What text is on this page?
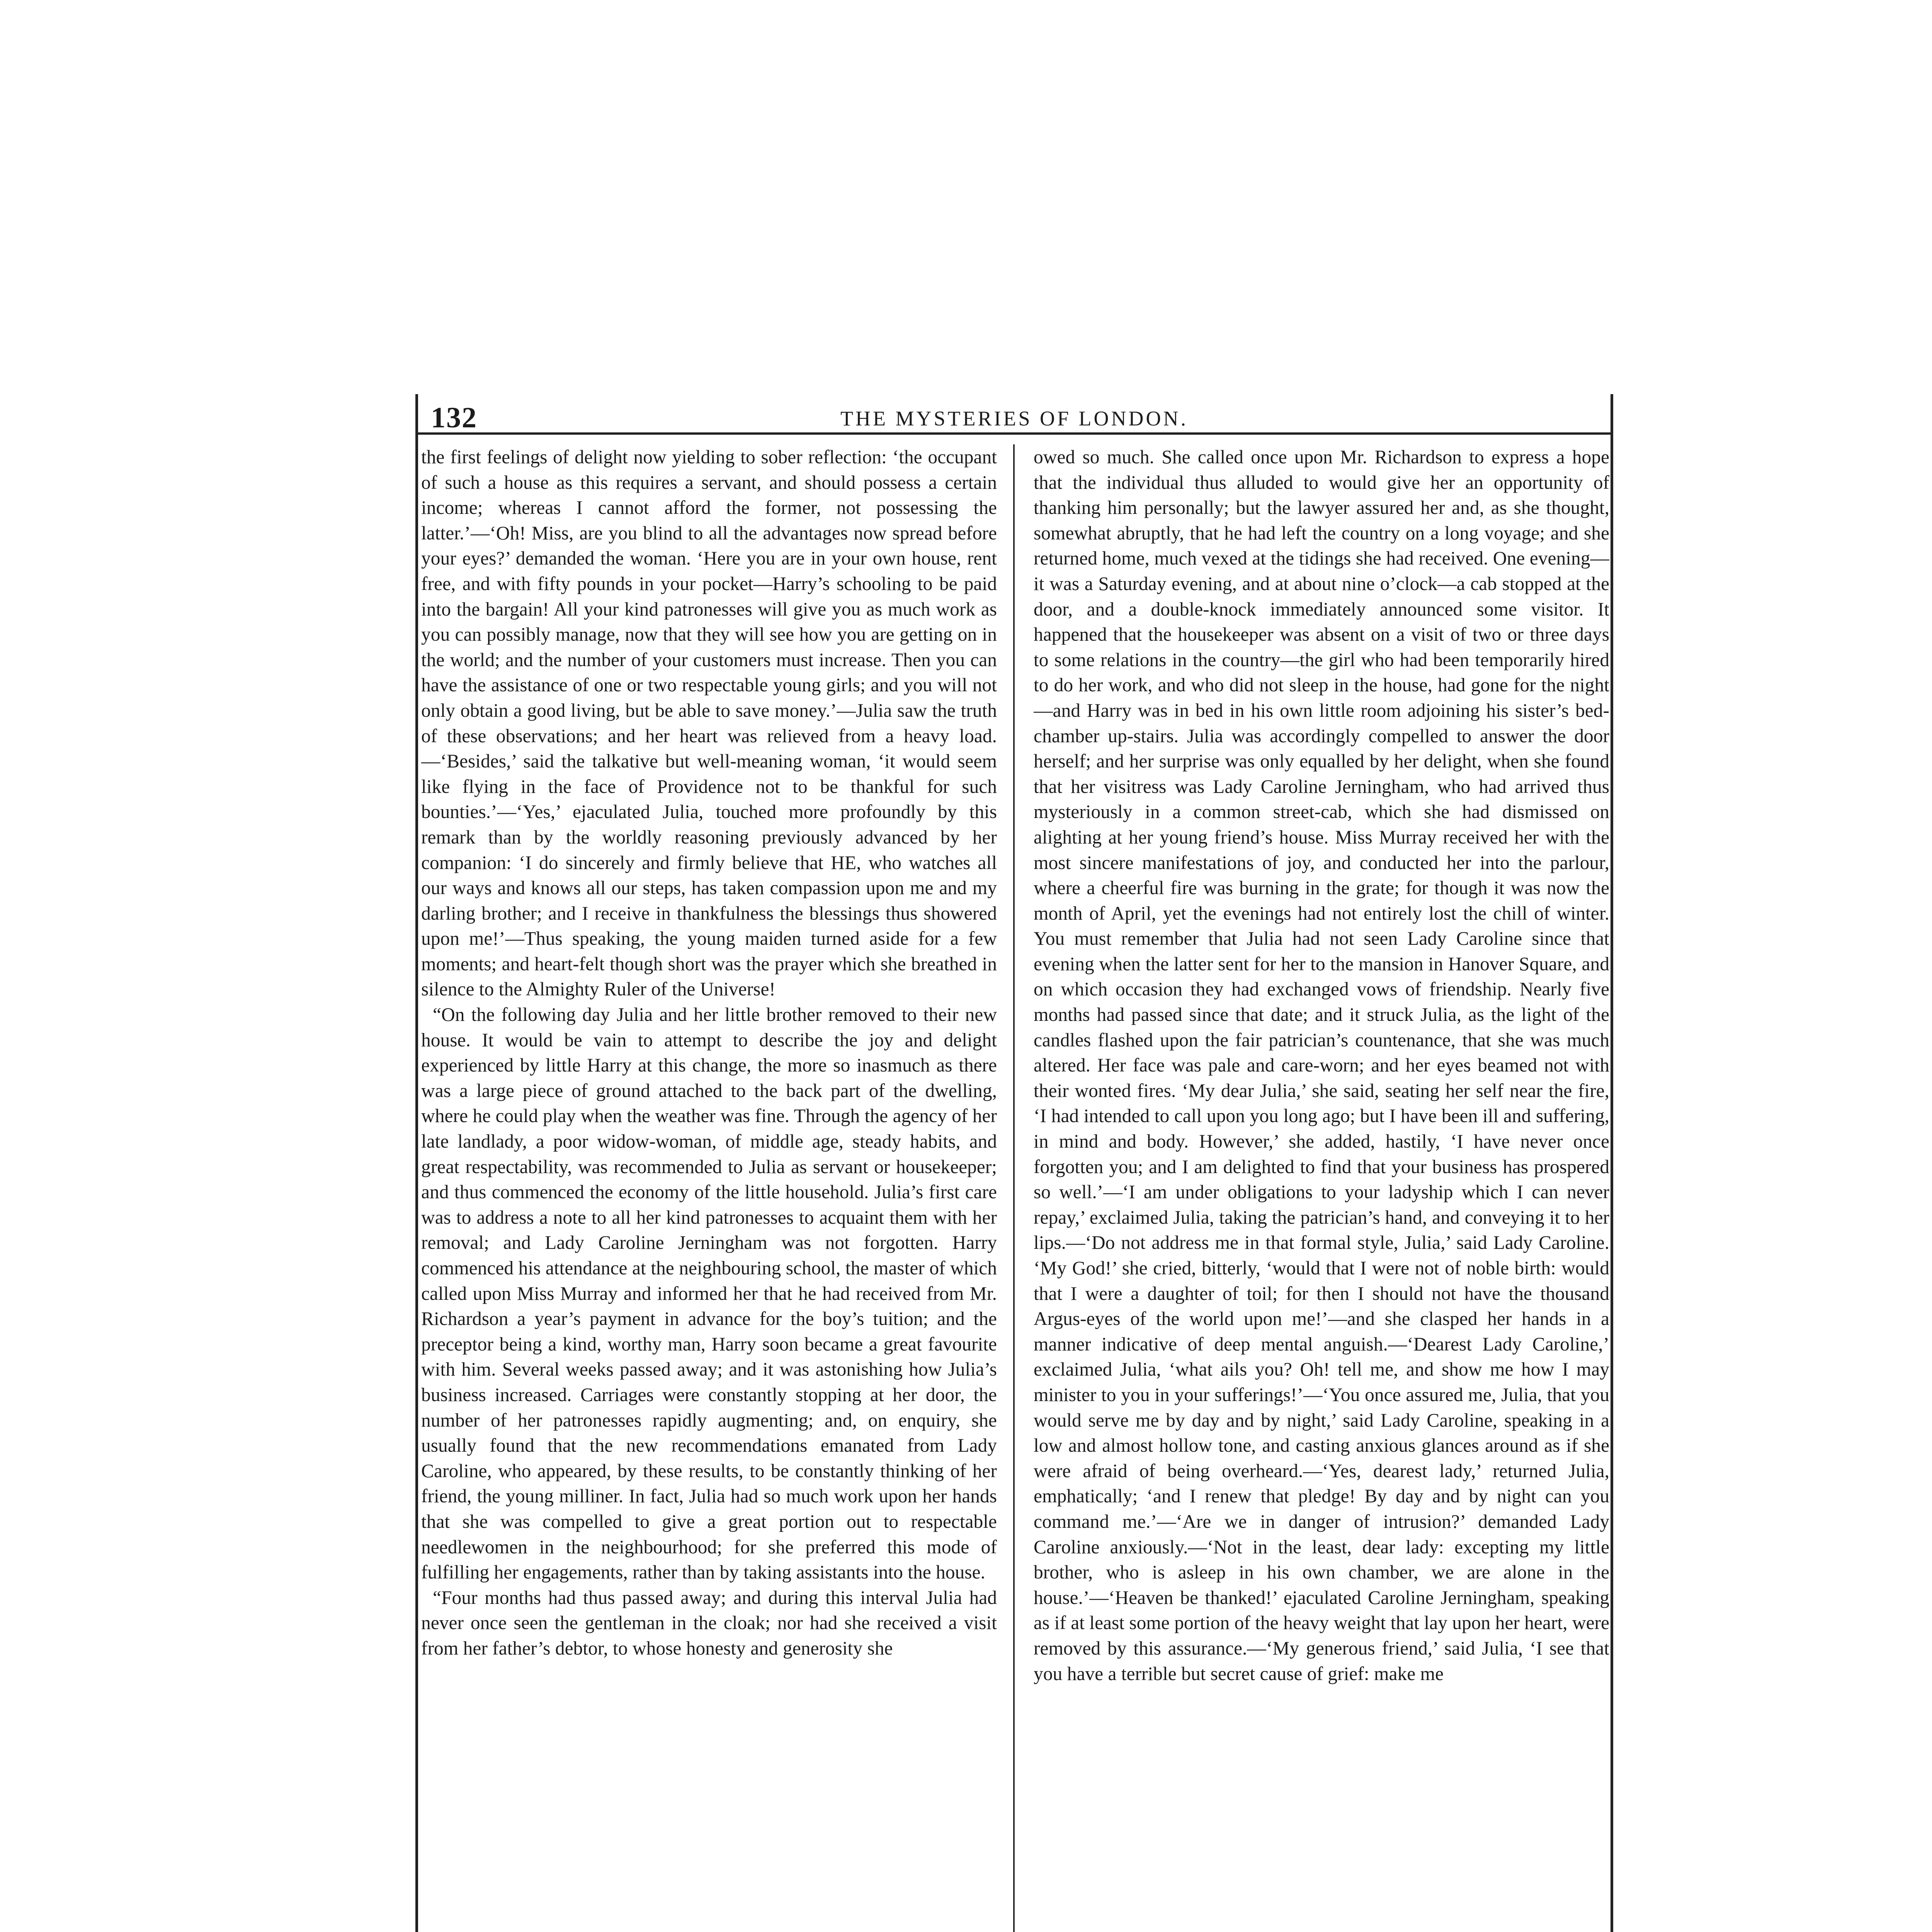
132	THE MYSTERIES OF LONDON.

the first feelings of delight now yielding to sober reflection: ‘the occupant of such a house as this requires a servant, and should possess a certain income; whereas I cannot afford the former, not possessing the latter.’—‘Oh! Miss, are you blind to all the advantages now spread before your eyes?’ demanded the woman. ‘Here you are in your own house, rent free, and with fifty pounds in your pocket—Harry’s schooling to be paid into the bargain! All your kind patronesses will give you as much work as you can possibly manage, now that they will see how you are getting on in the world; and the number of your customers must increase. Then you can have the assistance of one or two respectable young girls; and you will not only obtain a good living, but be able to save money.’—Julia saw the truth of these observations; and her heart was relieved from a heavy load.—‘Besides,’ said the talkative but well-meaning woman, ‘it would seem like flying in the face of Providence not to be thankful for such bounties.’—‘Yes,’ ejaculated Julia, touched more profoundly by this remark than by the worldly reasoning previously advanced by her companion: ‘I do sincerely and firmly believe that HE, who watches all our ways and knows all our steps, has taken compassion upon me and my darling brother; and I receive in thankfulness the blessings thus showered upon me!’—Thus speaking, the young maiden turned aside for a few moments; and heart-felt though short was the prayer which she breathed in silence to the Almighty Ruler of the Universe!

“On the following day Julia and her little brother removed to their new house. It would be vain to attempt to describe the joy and delight experienced by little Harry at this change, the more so inasmuch as there was a large piece of ground attached to the back part of the dwelling, where he could play when the weather was fine. Through the agency of her late landlady, a poor widow-woman, of middle age, steady habits, and great respectability, was recommended to Julia as servant or housekeeper; and thus commenced the economy of the little household. Julia’s first care was to address a note to all her kind patronesses to acquaint them with her removal; and Lady Caroline Jerningham was not forgotten. Harry commenced his attendance at the neighbouring school, the master of which called upon Miss Murray and informed her that he had received from Mr. Richardson a year’s payment in advance for the boy’s tuition; and the preceptor being a kind, worthy man, Harry soon became a great favourite with him. Several weeks passed away; and it was astonishing how Julia’s business increased. Carriages were constantly stopping at her door, the number of her patronesses rapidly augmenting; and, on enquiry, she usually found that the new recommendations emanated from Lady Caroline, who appeared, by these results, to be constantly thinking of her friend, the young milliner. In fact, Julia had so much work upon her hands that she was compelled to give a great portion out to respectable needlewomen in the neighbourhood; for she preferred this mode of fulfilling her engagements, rather than by taking assistants into the house.

“Four months had thus passed away; and during this interval Julia had never once seen the gentleman in the cloak; nor had she received a visit from her father’s debtor, to whose honesty and generosity she

owed so much. She called once upon Mr. Richardson to express a hope that the individual thus alluded to would give her an opportunity of thanking him personally; but the lawyer assured her and, as she thought, somewhat abruptly, that he had left the country on a long voyage; and she returned home, much vexed at the tidings she had received. One evening—it was a Saturday evening, and at about nine o’clock—a cab stopped at the door, and a double-knock immediately announced some visitor. It happened that the housekeeper was absent on a visit of two or three days to some relations in the country—the girl who had been temporarily hired to do her work, and who did not sleep in the house, had gone for the night—and Harry was in bed in his own little room adjoining his sister’s bed-chamber up-stairs. Julia was accordingly compelled to answer the door herself; and her surprise was only equalled by her delight, when she found that her visitress was Lady Caroline Jerningham, who had arrived thus mysteriously in a common street-cab, which she had dismissed on alighting at her young friend’s house. Miss Murray received her with the most sincere manifestations of joy, and conducted her into the parlour, where a cheerful fire was burning in the grate; for though it was now the month of April, yet the evenings had not entirely lost the chill of winter. You must remember that Julia had not seen Lady Caroline since that evening when the latter sent for her to the mansion in Hanover Square, and on which occasion they had exchanged vows of friendship. Nearly five months had passed since that date; and it struck Julia, as the light of the candles flashed upon the fair patrician’s countenance, that she was much altered. Her face was pale and care-worn; and her eyes beamed not with their wonted fires. ‘My dear Julia,’ she said, seating her self near the fire, ‘I had intended to call upon you long ago; but I have been ill and suffering, in mind and body. However,’ she added, hastily, ‘I have never once forgotten you; and I am delighted to find that your business has prospered so well.’—‘I am under obligations to your ladyship which I can never repay,’ exclaimed Julia, taking the patrician’s hand, and conveying it to her lips.—‘Do not address me in that formal style, Julia,’ said Lady Caroline. ‘My God!’ she cried, bitterly, ‘would that I were not of noble birth: would that I were a daughter of toil; for then I should not have the thousand Argus-eyes of the world upon me!’—and she clasped her hands in a manner indicative of deep mental anguish.—‘Dearest Lady Caroline,’ exclaimed Julia, ‘what ails you? Oh! tell me, and show me how I may minister to you in your sufferings!’—‘You once assured me, Julia, that you would serve me by day and by night,’ said Lady Caroline, speaking in a low and almost hollow tone, and casting anxious glances around as if she were afraid of being overheard.—‘Yes, dearest lady,’ returned Julia, emphatically; ‘and I renew that pledge! By day and by night can you command me.’—‘Are we in danger of intrusion?’ demanded Lady Caroline anxiously.—‘Not in the least, dear lady: excepting my little brother, who is asleep in his own chamber, we are alone in the house.’—‘Heaven be thanked!’ ejaculated Caroline Jerningham, speaking as if at least some portion of the heavy weight that lay upon her heart, were removed by this assurance.—‘My generous friend,’ said Julia, ‘I see that you have a terrible but secret cause of grief: make me
